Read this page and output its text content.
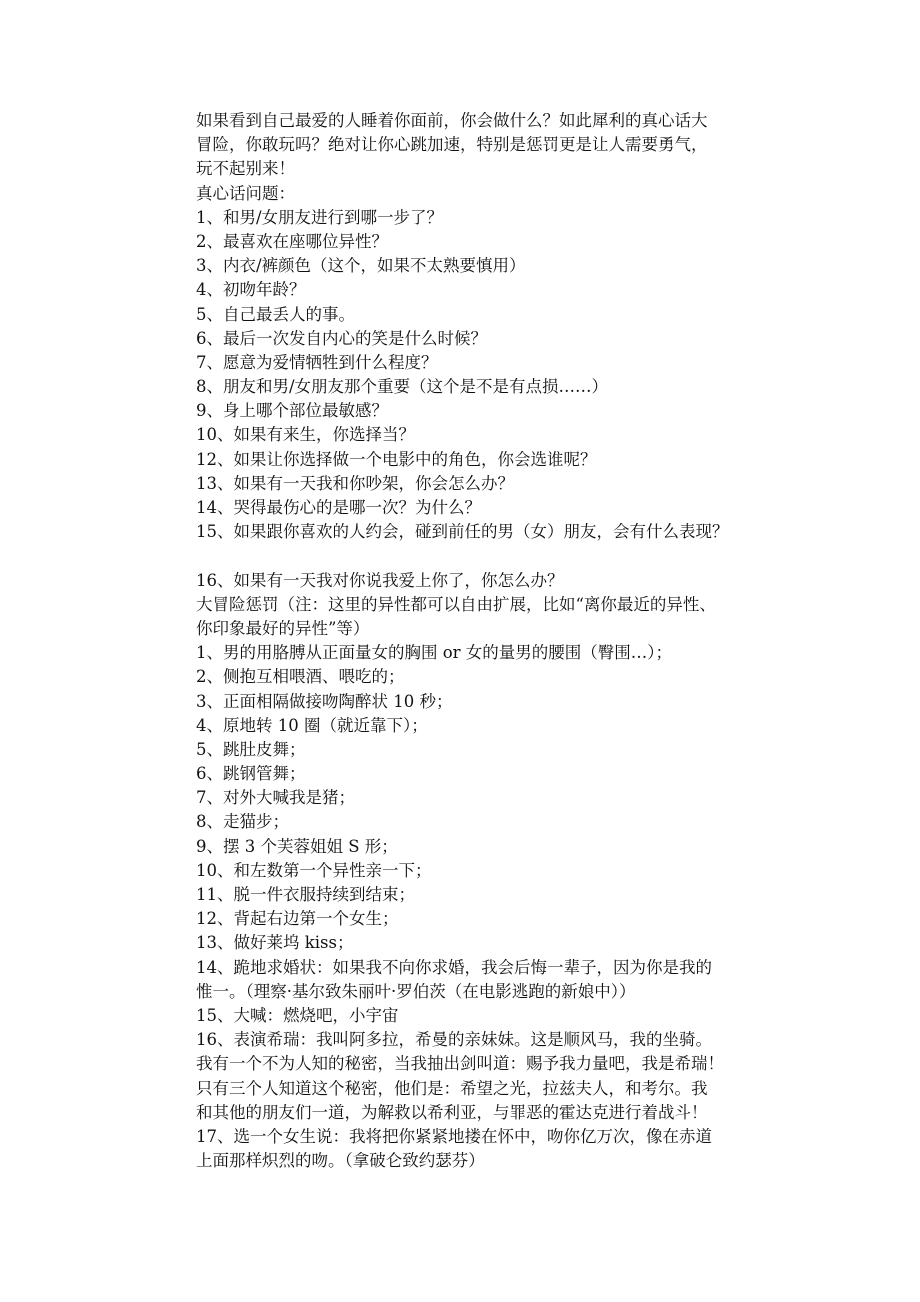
如果看到自己最爱的人睡着你面前，你会做什么？如此犀利的真心话大
冒险，你敢玩吗？绝对让你心跳加速，特别是惩罚更是让人需要勇气，
玩不起别来！
真心话问题：
1、和男/女朋友进行到哪一步了？
2、最喜欢在座哪位异性？
3、内衣/裤颜色（这个，如果不太熟要慎用）
4、初吻年龄？
5、自己最丢人的事。
6、最后一次发自内心的笑是什么时候？
7、愿意为爱情牺牲到什么程度？
8、朋友和男/女朋友那个重要（这个是不是有点损……）
9、身上哪个部位最敏感？
10、如果有来生，你选择当？
12、如果让你选择做一个电影中的角色，你会选谁呢？
13、如果有一天我和你吵架，你会怎么办？
14、哭得最伤心的是哪一次？为什么？
15、如果跟你喜欢的人约会，碰到前任的男（女）朋友，会有什么表现？
16、如果有一天我对你说我爱上你了，你怎么办？
大冒险惩罚（注：这里的异性都可以自由扩展，比如“离你最近的异性、
你印象最好的异性”等）
1、男的用胳膊从正面量女的胸围 or 女的量男的腰围（臀围…）；
2、侧抱互相喂酒、喂吃的；
3、正面相隔做接吻陶醉状 10 秒；
4、原地转 10 圈（就近靠下）；
5、跳肚皮舞；
6、跳钢管舞；
7、对外大喊我是猪；
8、走猫步；
9、摆 3 个芙蓉姐姐 S 形；
10、和左数第一个异性亲一下；
11、脱一件衣服持续到结束；
12、背起右边第一个女生；
13、做好莱坞 kiss；
14、跪地求婚状：如果我不向你求婚，我会后悔一辈子，因为你是我的
惟一。（理察·基尔致朱丽叶·罗伯茨（在电影逃跑的新娘中））
15、大喊：燃烧吧，小宇宙
16、表演希瑞：我叫阿多拉，希曼的亲妹妹。这是顺风马，我的坐骑。
我有一个不为人知的秘密，当我抽出剑叫道：赐予我力量吧，我是希瑞！
只有三个人知道这个秘密，他们是：希望之光，拉兹夫人，和考尔。我
和其他的朋友们一道，为解救以希利亚，与罪恶的霍达克进行着战斗！
17、选一个女生说：我将把你紧紧地搂在怀中，吻你亿万次，像在赤道
上面那样炽烈的吻。（拿破仑致约瑟芬）
